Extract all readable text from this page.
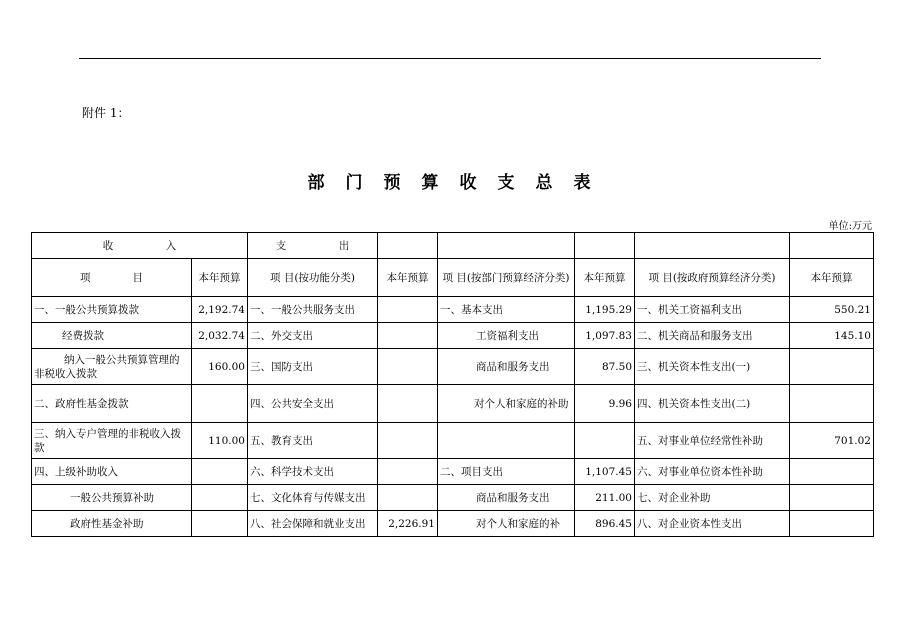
附件 1：
部门预算收支总表
单位:万元
收　　　　　入		支　　　　　出					
项　　　　目	本年预算	项 目(按功能分类)	本年预算	项 目(按部门预算经济分类)	本年预算	项 目(按政府预算经济分类)	本年预算
一、一般公共预算拨款	2,192.74	一、一般公共服务支出		一、基本支出	1,195.29	一、机关工资福利支出	550.21
经费拨款	2,032.74	二、外交支出		工资福利支出	1,097.83	二、机关商品和服务支出	145.10
纳入一般公共预算管理的非税收入拨款	160.00	三、国防支出		商品和服务支出	87.50	三、机关资本性支出(一)	
二、政府性基金拨款		四、公共安全支出		对个人和家庭的补助	9.96	四、机关资本性支出(二)	
三、纳入专户管理的非税收入拨款	110.00	五、教育支出				五、对事业单位经常性补助	701.02
四、上级补助收入		六、科学技术支出		二、项目支出	1,107.45	六、对事业单位资本性补助	
一般公共预算补助		七、文化体育与传媒支出		商品和服务支出	211.00	七、对企业补助	
政府性基金补助		八、社会保障和就业支出	2,226.91	对个人和家庭的补	896.45	八、对企业资本性支出	
